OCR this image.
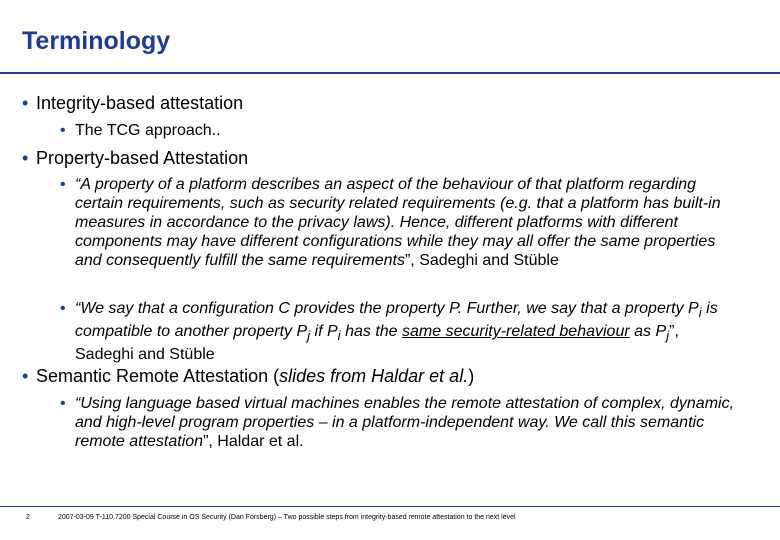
Terminology
• Integrity-based attestation
• The TCG approach..
• Property-based Attestation
• “A property of a platform describes an aspect of the behaviour of that platform regarding certain requirements, such as security related requirements (e.g. that a platform has built-in measures in accordance to the privacy laws). Hence, different platforms with different components may have different configurations while they may all offer the same properties and consequently fulfill the same requirements”, Sadeghi and Stüble
• “We say that a configuration C provides the property P. Further, we say that a property $P_i$ is compatible to another property $P_j$ if $P_i$ has the same security-related behaviour as $P_j$”, Sadeghi and Stüble
• Semantic Remote Attestation (slides from Haldar et al.)
• “Using language based virtual machines enables the remote attestation of complex, dynamic, and high-level program properties – in a platform-independent way. We call this semantic remote attestation”, Haldar et al.
2	2007-03-09 T-110.7200 Special Course in OS Security (Dan Forsberg) – Two possible steps from integrity-based remote attestation to the next level
